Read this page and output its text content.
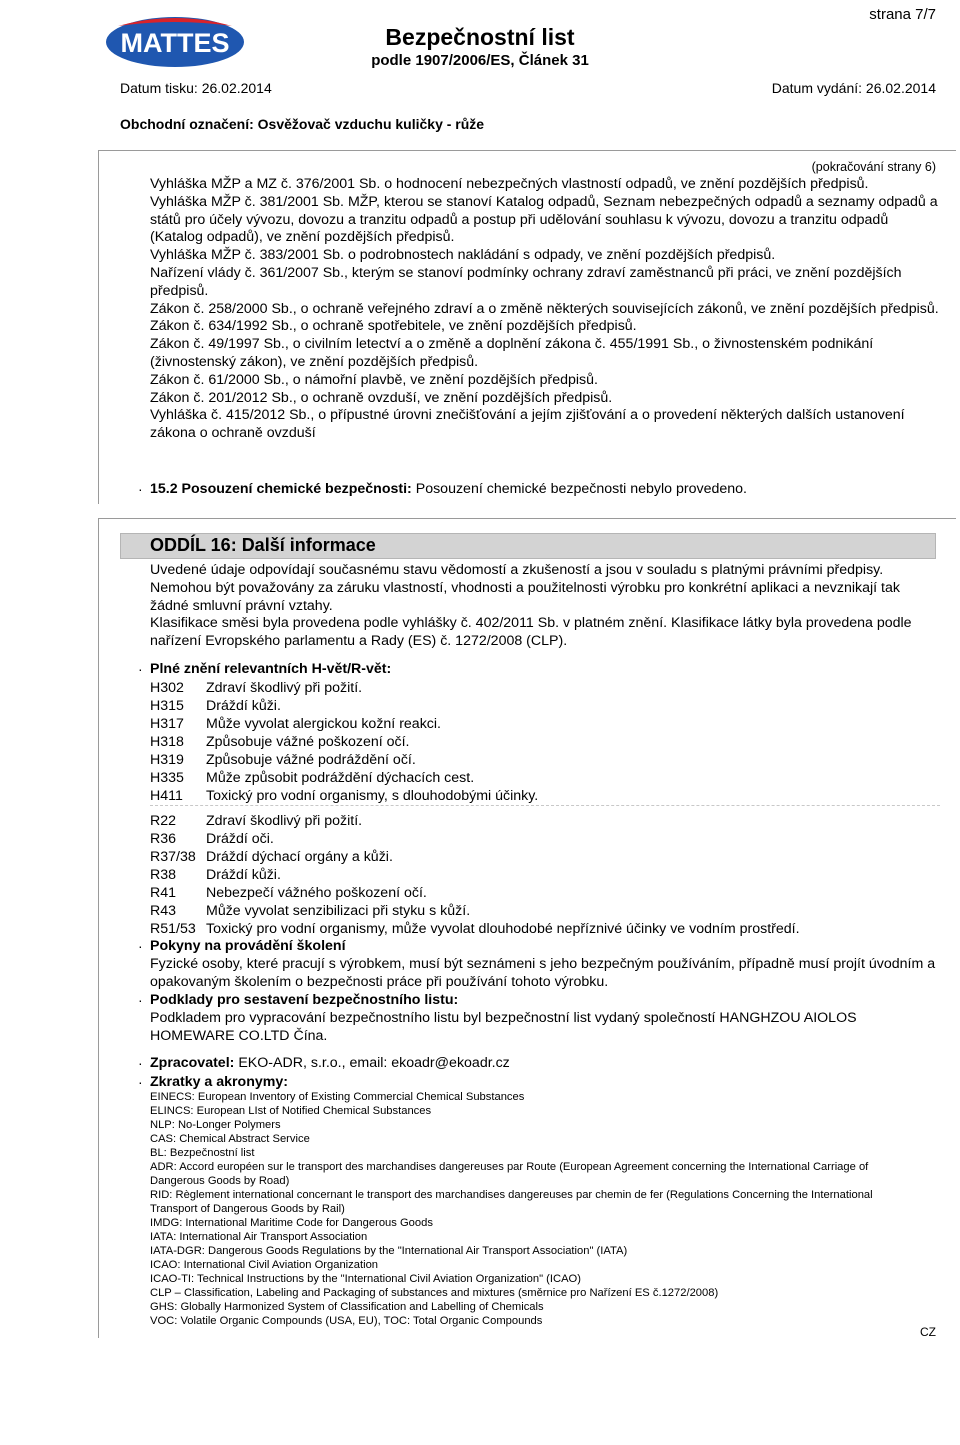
MATTES
strana 7/7
Bezpečnostní list
podle 1907/2006/ES, Článek 31
Datum tisku: 26.02.2014	Datum vydání: 26.02.2014
Obchodní označení: Osvěžovač vzduchu kuličky - růže
(pokračování strany 6)
Vyhláška MŽP a MZ č. 376/2001 Sb. o hodnocení nebezpečných vlastností odpadů, ve znění pozdějších předpisů.
Vyhláška MŽP č. 381/2001 Sb. MŽP, kterou se stanoví Katalog odpadů, Seznam nebezpečných odpadů a seznamy odpadů a států pro účely vývozu, dovozu a tranzitu odpadů a postup při udělování souhlasu k vývozu, dovozu a tranzitu odpadů (Katalog odpadů), ve znění pozdějších předpisů.
Vyhláška MŽP č. 383/2001 Sb. o podrobnostech nakládání s odpady, ve znění pozdějších předpisů.
Nařízení vlády č. 361/2007 Sb., kterým se stanoví podmínky ochrany zdraví zaměstnanců při práci, ve znění pozdějších předpisů.
Zákon č. 258/2000 Sb., o ochraně veřejného zdraví a o změně některých souvisejících zákonů, ve znění pozdějších předpisů.
Zákon č. 634/1992 Sb., o ochraně spotřebitele, ve znění pozdějších předpisů.
Zákon č. 49/1997 Sb., o civilním letectví a o změně a doplnění zákona č. 455/1991 Sb., o živnostenském podnikání (živnostenský zákon), ve znění pozdějších předpisů.
Zákon č. 61/2000 Sb., o námořní plavbě, ve znění pozdějších předpisů.
Zákon č. 201/2012 Sb., o ochraně ovzduší, ve znění pozdějších předpisů.
Vyhláška č. 415/2012 Sb., o přípustné úrovni znečišťování a jejím zjišťování a o provedení některých dalších ustanovení zákona o ochraně ovzduší
· 15.2 Posouzení chemické bezpečnosti: Posouzení chemické bezpečnosti nebylo provedeno.
ODDÍL 16: Další informace
Uvedené údaje odpovídají současnému stavu vědomostí a zkušeností a jsou v souladu s platnými právními předpisy. Nemohou být považovány za záruku vlastností, vhodnosti a použitelnosti výrobku pro konkrétní aplikaci a nevznikají tak žádné smluvní právní vztahy.
Klasifikace směsi byla provedena podle vyhlášky č. 402/2011 Sb. v platném znění. Klasifikace látky byla provedena podle nařízení Evropského parlamentu a Rady (ES) č. 1272/2008 (CLP).
· Plné znění relevantních H-vět/R-vět:
H302 Zdraví škodlivý při požití.
H315 Dráždí kůži.
H317 Může vyvolat alergickou kožní reakci.
H318 Způsobuje vážné poškození očí.
H319 Způsobuje vážné podráždění očí.
H335 Může způsobit podráždění dýchacích cest.
H411 Toxický pro vodní organismy, s dlouhodobými účinky.
R22 Zdraví škodlivý při požití.
R36 Dráždí oči.
R37/38 Dráždí dýchací orgány a kůži.
R38 Dráždí kůži.
R41 Nebezpečí vážného poškození očí.
R43 Může vyvolat senzibilizaci při styku s kůží.
R51/53 Toxický pro vodní organismy, může vyvolat dlouhodobé nepříznivé účinky ve vodním prostředí.
· Pokyny na provádění školení
Fyzické osoby, které pracují s výrobkem, musí být seznámeni s jeho bezpečným používáním, případně musí projít úvodním a opakovaným školením o bezpečnosti práce při používání tohoto výrobku.
· Podklady pro sestavení bezpečnostního listu:
Podkladem pro vypracování bezpečnostního listu byl bezpečnostní list vydaný společností HANGHZOU AIOLOS HOMEWARE CO.LTD Čína.
· Zpracovatel: EKO-ADR, s.r.o., email: ekoadr@ekoadr.cz
· Zkratky a akronymy:
EINECS: European Inventory of Existing Commercial Chemical Substances
ELINCS: European LIst of Notified Chemical Substances
NLP: No-Longer Polymers
CAS: Chemical Abstract Service
BL: Bezpečnostní list
ADR: Accord européen sur le transport des marchandises dangereuses par Route (European Agreement concerning the International Carriage of Dangerous Goods by Road)
RID: Règlement international concernant le transport des marchandises dangereuses par chemin de fer (Regulations Concerning the International Transport of Dangerous Goods by Rail)
IMDG: International Maritime Code for Dangerous Goods
IATA: International Air Transport Association
IATA-DGR: Dangerous Goods Regulations by the "International Air Transport Association" (IATA)
ICAO: International Civil Aviation Organization
ICAO-TI: Technical Instructions by the "International Civil Aviation Organization" (ICAO)
CLP – Classification, Labeling and Packaging of substances and mixtures (směrnice pro Nařízení ES č.1272/2008)
GHS: Globally Harmonized System of Classification and Labelling of Chemicals
VOC: Volatile Organic Compounds (USA, EU), TOC: Total Organic Compounds
CZ
